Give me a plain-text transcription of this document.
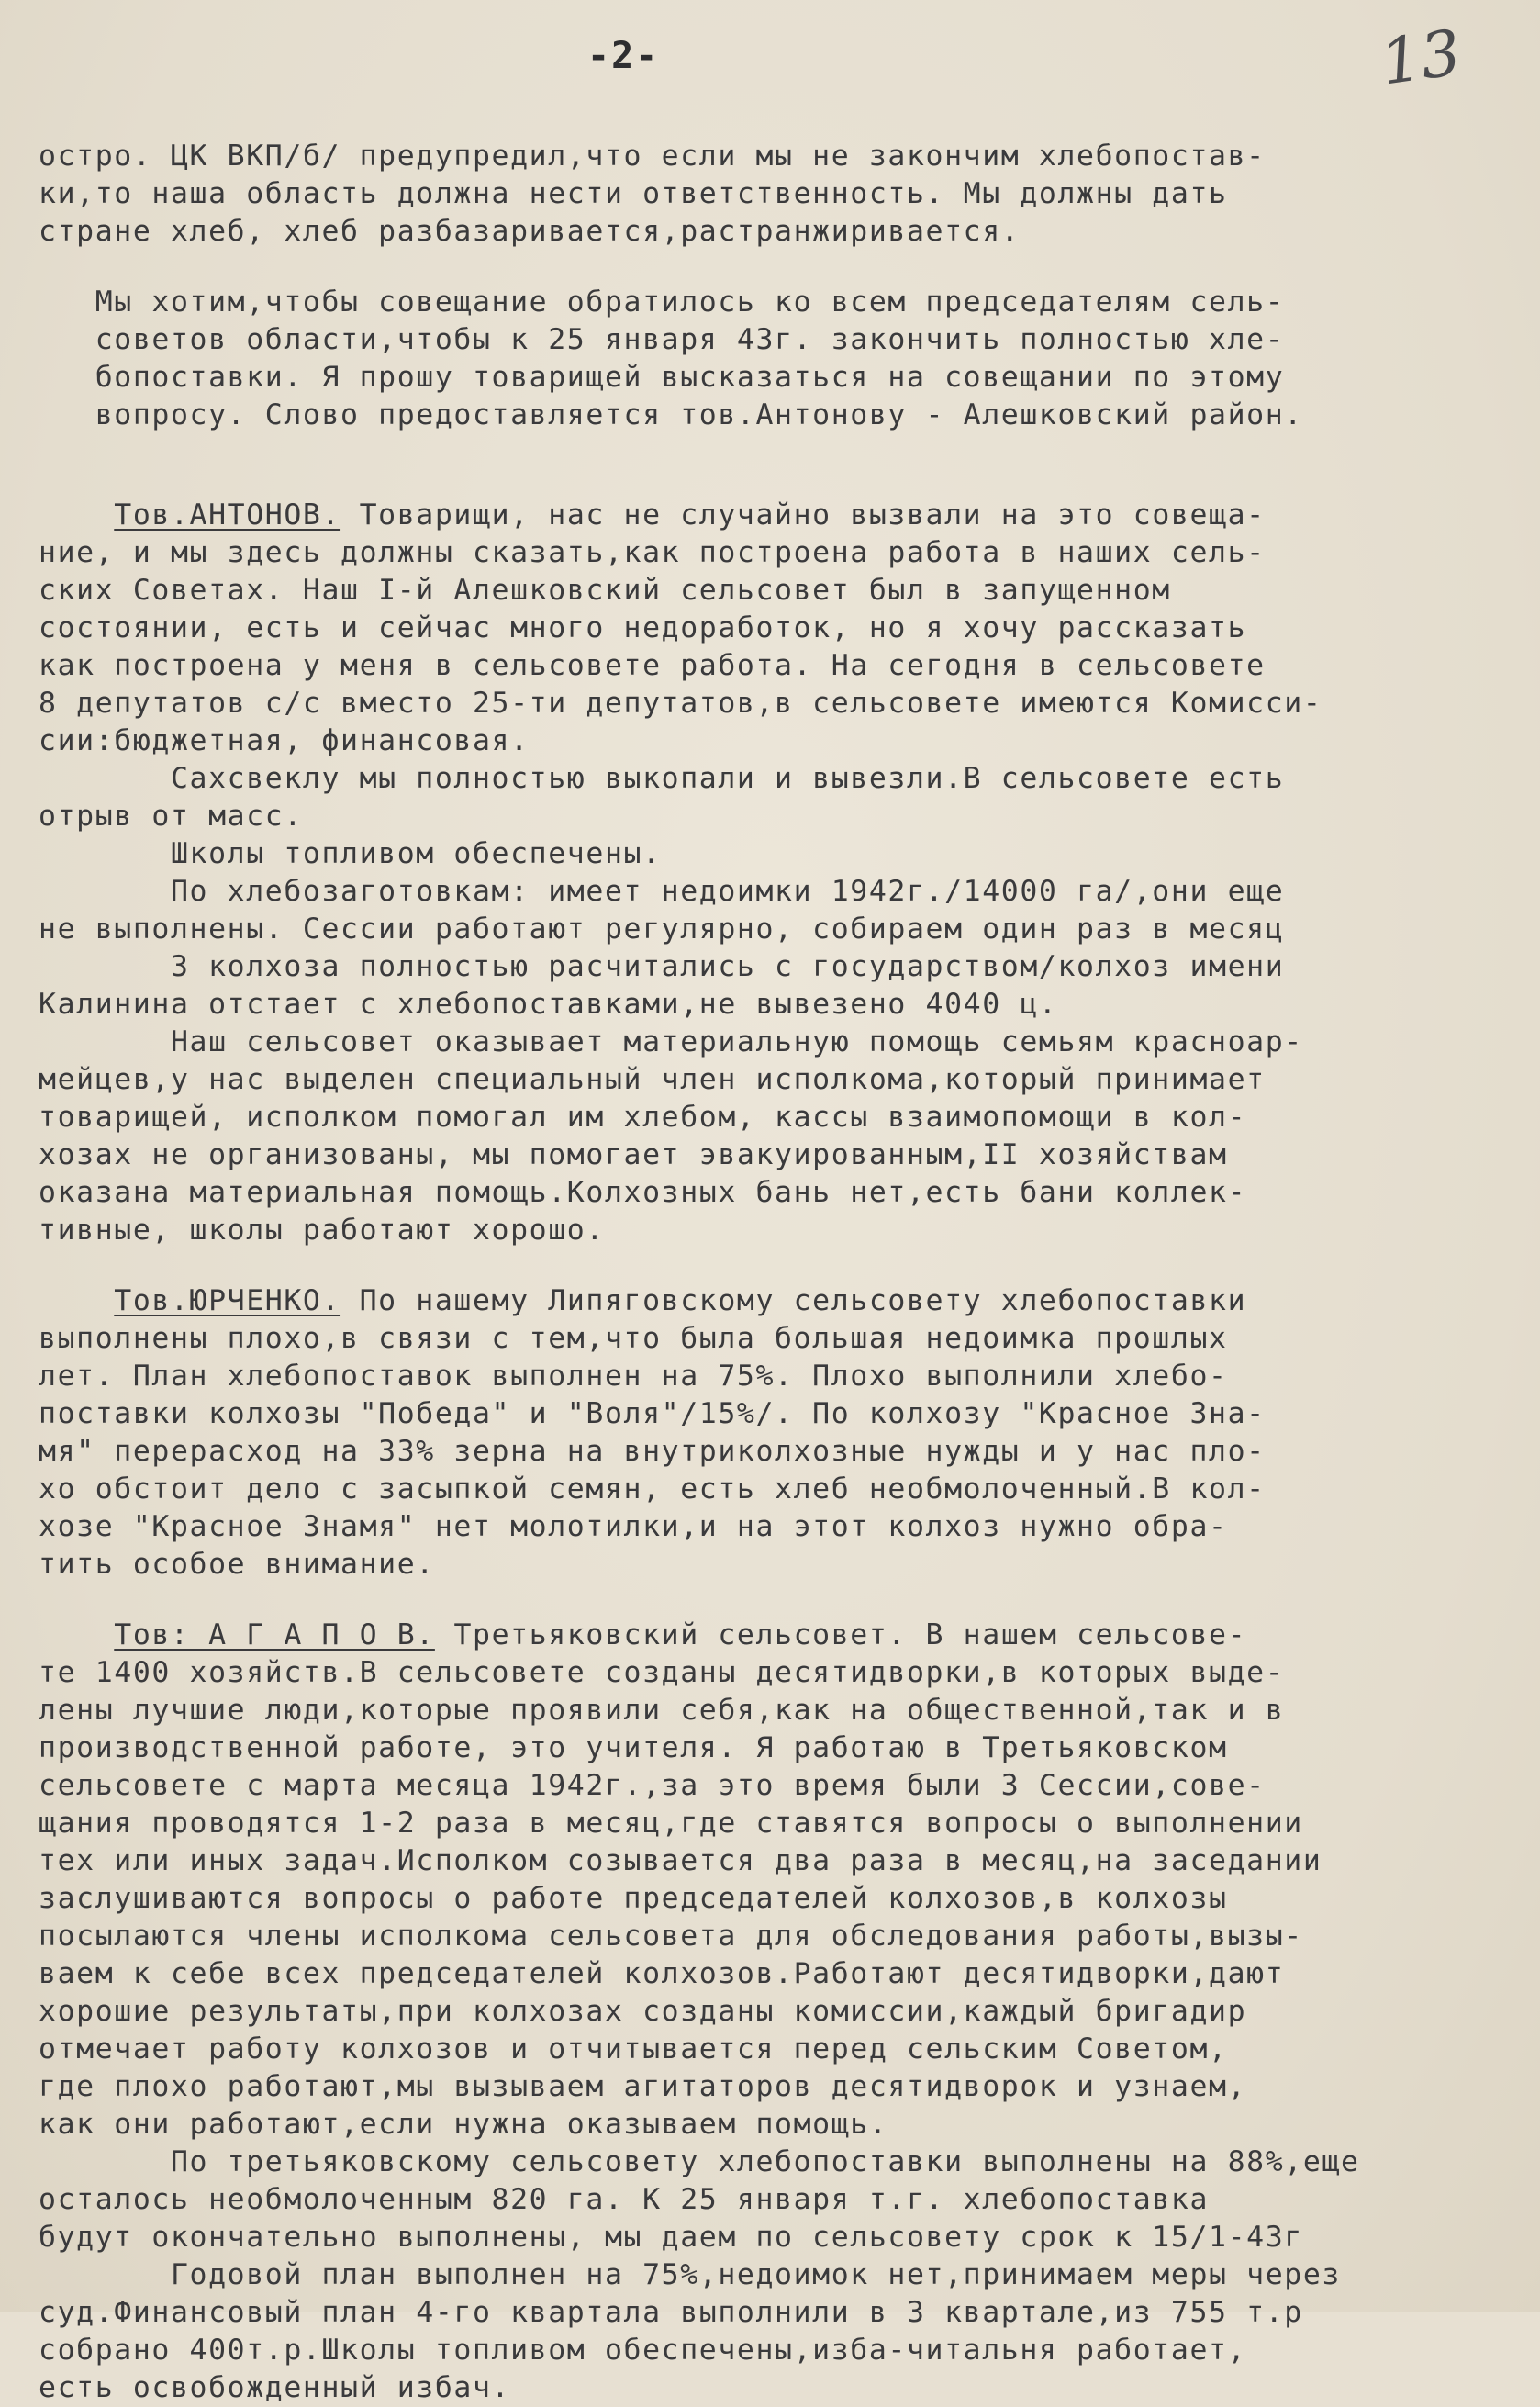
-2-	13
остро. ЦК ВКП/б/ предупредил,что если мы не закончим хлебопостав-
ки,то наша область должна нести ответственность. Мы должны дать
стране хлеб, хлеб разбазаривается,растранжиривается.
Мы хотим,чтобы совещание обратилось ко всем председателям сель-
советов области,чтобы к 25 января 43г. закончить полностью хле-
бопоставки. Я прошу товарищей высказаться на совещании по этому
вопросу. Слово предоставляется тов.Антонову - Алешковский район.
Тов.АНТОНОВ. Товарищи, нас не случайно вызвали на это совеща-
ние, и мы здесь должны сказать,как построена работа в наших сель-
ских Советах. Наш I-й Алешковский сельсовет был в запущенном
состоянии, есть и сейчас много недоработок, но я хочу рассказать
как построена у меня в сельсовете работа. На сегодня в сельсовете
8 депутатов с/с вместо 25-ти депутатов,в сельсовете имеются Комисси-
сии:бюджетная, финансовая.
Сахсвеклу мы полностью выкопали и вывезли.В сельсовете есть
отрыв от масс.
Школы топливом обеспечены.
По хлебозаготовкам: имеет недоимки 1942г./14000 га/,они еще
не выполнены. Сессии работают регулярно, собираем один раз в месяц
3 колхоза полностью расчитались с государством/колхоз имени
Калинина отстает с хлебопоставками,не вывезено 4040 ц.
Наш сельсовет оказывает материальную помощь семьям красноар-
мейцев,у нас выделен специальный член исполкома,который принимает
товарищей, исполком помогал им хлебом, кассы взаимопомощи в кол-
хозах не организованы, мы помогает эвакуированным,II хозяйствам
оказана материальная помощь.Колхозных бань нет,есть бани коллек-
тивные, школы работают хорошо.
Тов.ЮРЧЕНКО. По нашему Липяговскому сельсовету хлебопоставки
выполнены плохо,в связи с тем,что была большая недоимка прошлых
лет. План хлебопоставок выполнен на 75%. Плохо выполнили хлебо-
поставки колхозы "Победа" и "Воля"/15%/. По колхозу "Красное Зна-
мя" перерасход на 33% зерна на внутриколхозные нужды и у нас пло-
хо обстоит дело с засыпкой семян, есть хлеб необмолоченный.В кол-
хозе "Красное Знамя" нет молотилки,и на этот колхоз нужно обра-
тить особое внимание.
Тов: А Г А П О В. Третьяковский сельсовет. В нашем сельсове-
те 1400 хозяйств.В сельсовете созданы десятидворки,в которых выде-
лены лучшие люди,которые проявили себя,как на общественной,так и в
производственной работе, это учителя. Я работаю в Третьяковском
сельсовете с марта месяца 1942г.,за это время были 3 Сессии,сове-
щания проводятся 1-2 раза в месяц,где ставятся вопросы о выполнении
тех или иных задач.Исполком созывается два раза в месяц,на заседании
заслушиваются вопросы о работе председателей колхозов,в колхозы
посылаются члены исполкома сельсовета для обследования работы,вызы-
ваем к себе всех председателей колхозов.Работают десятидворки,дают
хорошие результаты,при колхозах созданы комиссии,каждый бригадир
отмечает работу колхозов и отчитывается перед сельским Советом,
где плохо работают,мы вызываем агитаторов десятидворок и узнаем,
как они работают,если нужна оказываем помощь.
По третьяковскому сельсовету хлебопоставки выполнены на 88%,еще
осталось необмолоченным 820 га. К 25 января т.г. хлебопоставка
будут окончательно выполнены, мы даем по сельсовету срок к 15/1-43г
Годовой план выполнен на 75%,недоимок нет,принимаем меры через
суд.Финансовый план 4-го квартала выполнили в 3 квартале,из 755 т.р
собрано 400т.р.Школы топливом обеспечены,изба-читальня работает,
есть освобожденный избач.
